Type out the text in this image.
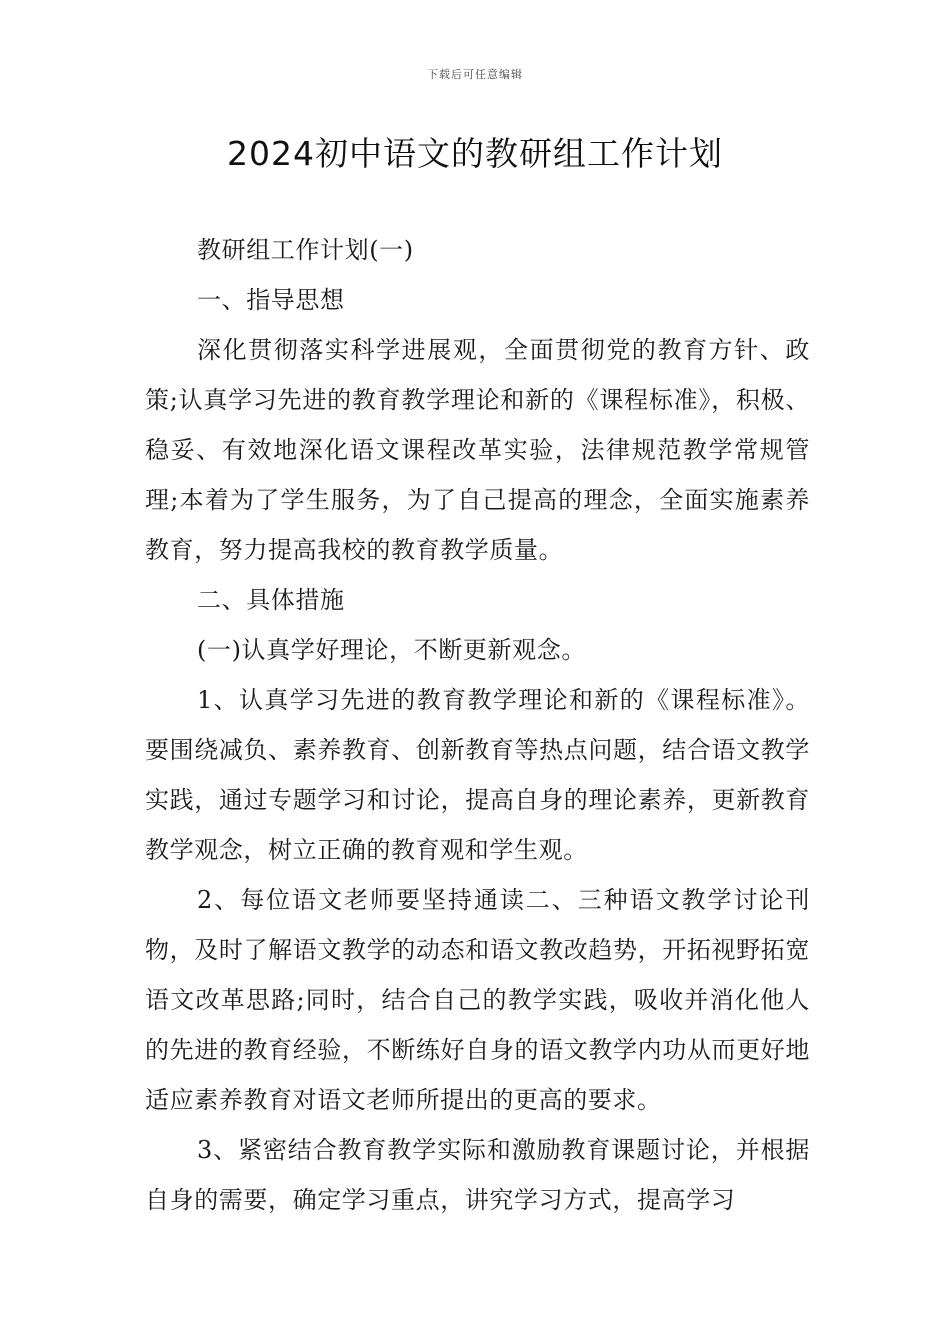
下载后可任意编辑
2024初中语文的教研组工作计划

教研组工作计划(一)

一、指导思想

深化贯彻落实科学进展观，全面贯彻党的教育方针、政策;认真学习先进的教育教学理论和新的《课程标准》，积极、稳妥、有效地深化语文课程改革实验，法律规范教学常规管理;本着为了学生服务，为了自己提高的理念，全面实施素养教育，努力提高我校的教育教学质量。

二、具体措施

(一)认真学好理论，不断更新观念。

1、认真学习先进的教育教学理论和新的《课程标准》。要围绕减负、素养教育、创新教育等热点问题，结合语文教学实践，通过专题学习和讨论，提高自身的理论素养，更新教育教学观念，树立正确的教育观和学生观。

2、每位语文老师要坚持通读二、三种语文教学讨论刊物，及时了解语文教学的动态和语文教改趋势，开拓视野拓宽语文改革思路;同时，结合自己的教学实践，吸收并消化他人的先进的教育经验，不断练好自身的语文教学内功从而更好地适应素养教育对语文老师所提出的更高的要求。

3、紧密结合教育教学实际和激励教育课题讨论，并根据自身的需要，确定学习重点，讲究学习方式，提高学习
